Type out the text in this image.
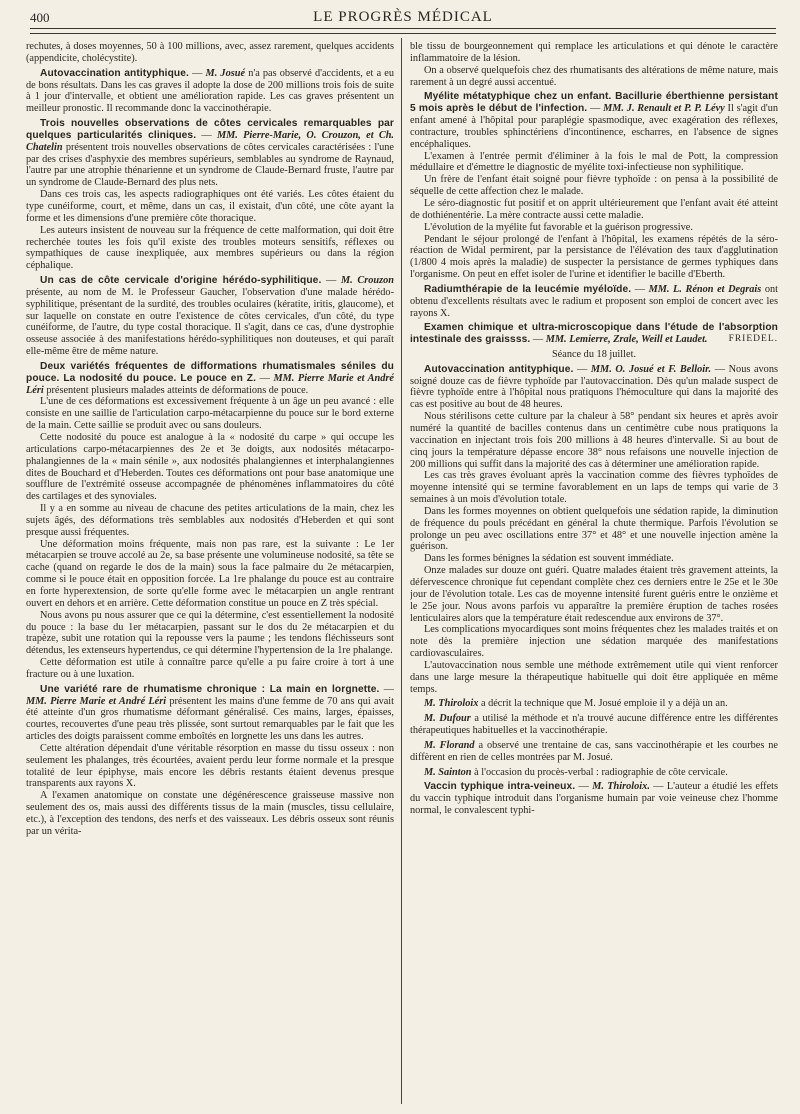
400	LE PROGRÈS MÉDICAL

rechutes, à doses moyennes, 50 à 100 millions, avec, assez rarement, quelques accidents (appendicite, cholécystite).

Autovaccination antityphique. — M. Josué n'a pas observé d'accidents, et a eu de bons résultats. Dans les cas graves il adopte la dose de 200 millions trois fois de suite à 1 jour d'intervalle, et obtient une amélioration rapide. Les cas graves présentent un meilleur pronostic. Il recommande donc la vaccinothérapie.

Trois nouvelles observations de côtes cervicales remarquables par quelques particularités cliniques. — MM. Pierre-Marie, O. Crouzon, et Ch. Chatelin présentent trois nouvelles observations de côtes cervicales caractérisées : l'une par des crises d'asphyxie des membres supérieurs, semblables au syndrome de Raynaud, l'autre par une atrophie thénarienne et un syndrome de Claude-Bernard fruste, l'autre par un syndrome de Claude-Bernard des plus nets.

Dans ces trois cas, les aspects radiographiques ont été variés. Les côtes étaient du type cunéiforme, court, et même, dans un cas, il existait, d'un côté, une côte ayant la forme et les dimensions d'une première côte thoracique.

Les auteurs insistent de nouveau sur la fréquence de cette malformation, qui doit être recherchée toutes les fois qu'il existe des troubles moteurs sensitifs, réflexes ou sympathiques de cause inexpliquée, aux membres supérieurs ou dans la région céphalique.

Un cas de côte cervicale d'origine hérédo-syphilitique. — M. Crouzon présente, au nom de M. le Professeur Gaucher, l'observation d'une malade hérédo-syphilitique, présentant de la surdité, des troubles oculaires (kératite, iritis, glaucome), et sur laquelle on constate en outre l'existence de côtes cervicales, d'un côté, du type cunéiforme, de l'autre, du type costal thoracique. Il s'agit, dans ce cas, d'une dystrophie osseuse associée à des manifestations hérédo-syphilitiques non douteuses, et qui paraît elle-même être de même nature.

Deux variétés fréquentes de difformations rhumatismales séniles du pouce. La nodosité du pouce. Le pouce en Z. — MM. Pierre Marie et André Léri présentent plusieurs malades atteints de déformations de pouce.

L'une de ces déformations est excessivement fréquente à un âge un peu avancé : elle consiste en une saillie de l'articulation carpo-métacarpienne du pouce sur le bord externe de la main. Cette saillie se produit avec ou sans douleurs.

Cette nodosité du pouce est analogue à la « nodosité du carpe » qui occupe les articulations carpo-métacarpiennes des 2e et 3e doigts, aux nodosités métacarpo-phalangiennes de la « main sénile », aux nodosités phalangiennes et interphalangiennes dites de Bouchard et d'Heberden. Toutes ces déformations ont pour base anatomique une soufflure de l'extrémité osseuse accompagnée de phénomènes inflammatoires du côté des cartilages et des synoviales.

Il y a en somme au niveau de chacune des petites articulations de la main, chez les sujets âgés, des déformations très semblables aux nodosités d'Heberden et qui sont presque aussi fréquentes.

Une déformation moins fréquente, mais non pas rare, est la suivante : Le 1er métacarpien se trouve accolé au 2e, sa base présente une volumineuse nodosité, sa tête se cache (quand on regarde le dos de la main) sous la face palmaire du 2e métacarpien, comme si le pouce était en opposition forcée. La 1re phalange du pouce est au contraire en forte hyperextension, de sorte qu'elle forme avec le métacarpien un angle rentrant ouvert en dehors et en arrière. Cette déformation constitue un pouce en Z très spécial.

Nous avons pu nous assurer que ce qui la détermine, c'est essentiellement la nodosité du pouce : la base du 1er métacarpien, passant sur le dos du 2e métacarpien et du trapèze, subit une rotation qui la repousse vers la paume ; les tendons fléchisseurs sont détendus, les extenseurs hypertendus, ce qui détermine l'hypertension de la 1re phalange.

Cette déformation est utile à connaître parce qu'elle a pu faire croire à tort à une fracture ou à une luxation.

Une variété rare de rhumatisme chronique : La main en lorgnette. — MM. Pierre Marie et André Léri présentent les mains d'une femme de 70 ans qui avait été atteinte d'un gros rhumatisme déformant généralisé. Ces mains, larges, épaisses, courtes, recouvertes d'une peau très plissée, sont surtout remarquables par le fait que les articles des doigts paraissent comme emboîtés en lorgnette les uns dans les autres.

Cette altération dépendait d'une véritable résorption en masse du tissu osseux : non seulement les phalanges, très écourtées, avaient perdu leur forme normale et la presque totalité de leur épiphyse, mais encore les débris restants étaient devenus presque transparents aux rayons X.

A l'examen anatomique on constate une dégénérescence graisseuse massive non seulement des os, mais aussi des différents tissus de la main (muscles, tissu cellulaire, etc.), à l'exception des tendons, des nerfs et des vaisseaux. Les débris osseux sont réunis par un vérita-

ble tissu de bourgeonnement qui remplace les articulations et qui dénote le caractère inflammatoire de la lésion.

On a observé quelquefois chez des rhumatisants des altérations de même nature, mais rarement à un degré aussi accentué.

Myélite métatyphique chez un enfant. Bacillurie éberthienne persistant 5 mois après le début de l'infection. — MM. J. Renault et P. P. Lévy Il s'agit d'un enfant amené à l'hôpital pour paraplégie spasmodique, avec exagération des réflexes, contracture, troubles sphinctériens d'incontinence, escharres, en l'absence de signes encéphaliques.

L'examen à l'entrée permit d'éliminer à la fois le mal de Pott, la compression médullaire et d'émettre le diagnostic de myélite toxi-infectieuse non syphilitique.

Un frère de l'enfant était soigné pour fièvre typhoïde : on pensa à la possibilité de séquelle de cette affection chez le malade.

Le séro-diagnostic fut positif et on apprit ultérieurement que l'enfant avait été atteint de dothiénentérie. La mère contracte aussi cette maladie.

L'évolution de la myélite fut favorable et la guérison progressive.

Pendant le séjour prolongé de l'enfant à l'hôpital, les examens répétés de la séro-réaction de Widal permirent, par la persistance de l'élévation des taux d'agglutination (1/800 4 mois après la maladie) de suspecter la persistance de germes typhiques dans l'organisme. On peut en effet isoler de l'urine et identifier le bacille d'Eberth.

Radiumthérapie de la leucémie myéloïde. — MM. L. Rénon et Degrais ont obtenu d'excellents résultats avec le radium et proposent son emploi de concert avec les rayons X.

Examen chimique et ultra-microscopique dans l'étude de l'absorption intestinale des graissss. — MM. Lemierre, Zrale, Weill et Laudet.	FRIEDEL.

Séance du 18 juillet.

Autovaccination antityphique. — MM. O. Josué et F. Belloir. — Nous avons soigné douze cas de fièvre typhoïde par l'autovaccination. Dès qu'un malade suspect de fièvre typhoïde entre à l'hôpital nous pratiquons l'hémoculture qui dans la majorité des cas est positive au bout de 48 heures.

Nous stérilisons cette culture par la chaleur à 58° pendant six heures et après avoir numéré la quantité de bacilles contenus dans un centimètre cube nous pratiquons la vaccination en injectant trois fois 200 millions à 48 heures d'intervalle. Si au bout de cinq jours la température dépasse encore 38° nous refaisons une nouvelle injection de 200 millions qui suffit dans la majorité des cas à déterminer une amélioration rapide.

Les cas très graves évoluant après la vaccination comme des fièvres typhoïdes de moyenne intensité qui se termine favorablement en un laps de temps qui varie de 3 semaines à un mois d'évolution totale.

Dans les formes moyennes on obtient quelquefois une sédation rapide, la diminution de fréquence du pouls précédant en général la chute thermique. Parfois l'évolution se prolonge un peu avec oscillations entre 37° et 48° et une nouvelle injection amène la guérison.

Dans les formes bénignes la sédation est souvent immédiate.

Onze malades sur douze ont guéri. Quatre malades étaient très gravement atteints, la défervescence chronique fut cependant complète chez ces derniers entre le 25e et le 30e jour de l'évolution totale. Les cas de moyenne intensité furent guéris entre le onzième et le 25e jour. Nous avons parfois vu apparaître la première éruption de taches rosées lenticulaires alors que la température était redescendue aux environs de 37°.

Les complications myocardiques sont moins fréquentes chez les malades traités et on note dès la première injection une sédation marquée des manifestations cardiovasculaires.

L'autovaccination nous semble une méthode extrêmement utile qui vient renforcer dans une large mesure la thérapeutique habituelle qui doit être appliquée en même temps.

M. Thiroloix a décrit la technique que M. Josué emploie il y a déjà un an.

M. Dufour a utilisé la méthode et n'a trouvé aucune différence entre les différentes thérapeutiques habituelles et la vaccinothérapie.

M. Florand a observé une trentaine de cas, sans vaccinothérapie et les courbes ne diffèrent en rien de celles montrées par M. Josué.

M. Sainton à l'occasion du procès-verbal : radiographie de côte cervicale.

Vaccin typhique intra-veineux. — M. Thiroloix. — L'auteur a étudié les effets du vaccin typhique introduit dans l'organisme humain par voie veineuse chez l'homme normal, le convalescent typhi-
